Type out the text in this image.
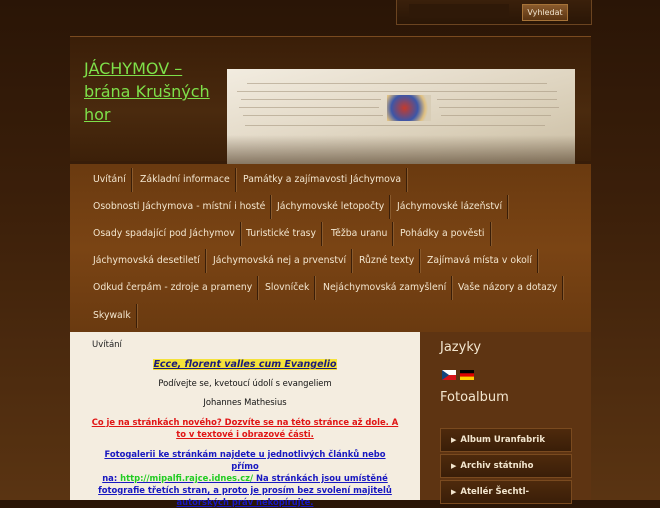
Vyhledat
JÁCHYMOV –
brána Krušných
hor
Uvítání Základní informace Památky a zajímavosti Jáchymova
Osobnosti Jáchymova - místní i hosté Jáchymovské letopočty Jáchymovské lázeňství
Osady spadající pod Jáchymov Turistické trasy Těžba uranu Pohádky a pověsti
Jáchymovská desetiletí Jáchymovská nej a prvenství Různé texty Zajímavá místa v okolí
Odkud čerpám - zdroje a prameny Slovníček Nejáchymovská zamyšlení Vaše názory a dotazy
Skywalk
Uvítání
Ecce, florent valles cum Evangelio
Podívejte se, kvetoucí údolí s evangeliem
Johannes Mathesius
Co je na stránkách nového? Dozvíte se na této stránce až dole. A
to v textové i obrazové části.
Fotogalerii ke stránkám najdete u jednotlivých článků nebo přímo
na: http://mipalfi.rajce.idnes.cz/ Na stránkách jsou umístěné
fotografie třetích stran, a proto je prosím bez svolení majitelů
autorských práv nekopírujte.
Jazyky
Fotoalbum
▶ Album Uranfabrik
▶ Archiv státního
▶ Atellér Šechtl-
